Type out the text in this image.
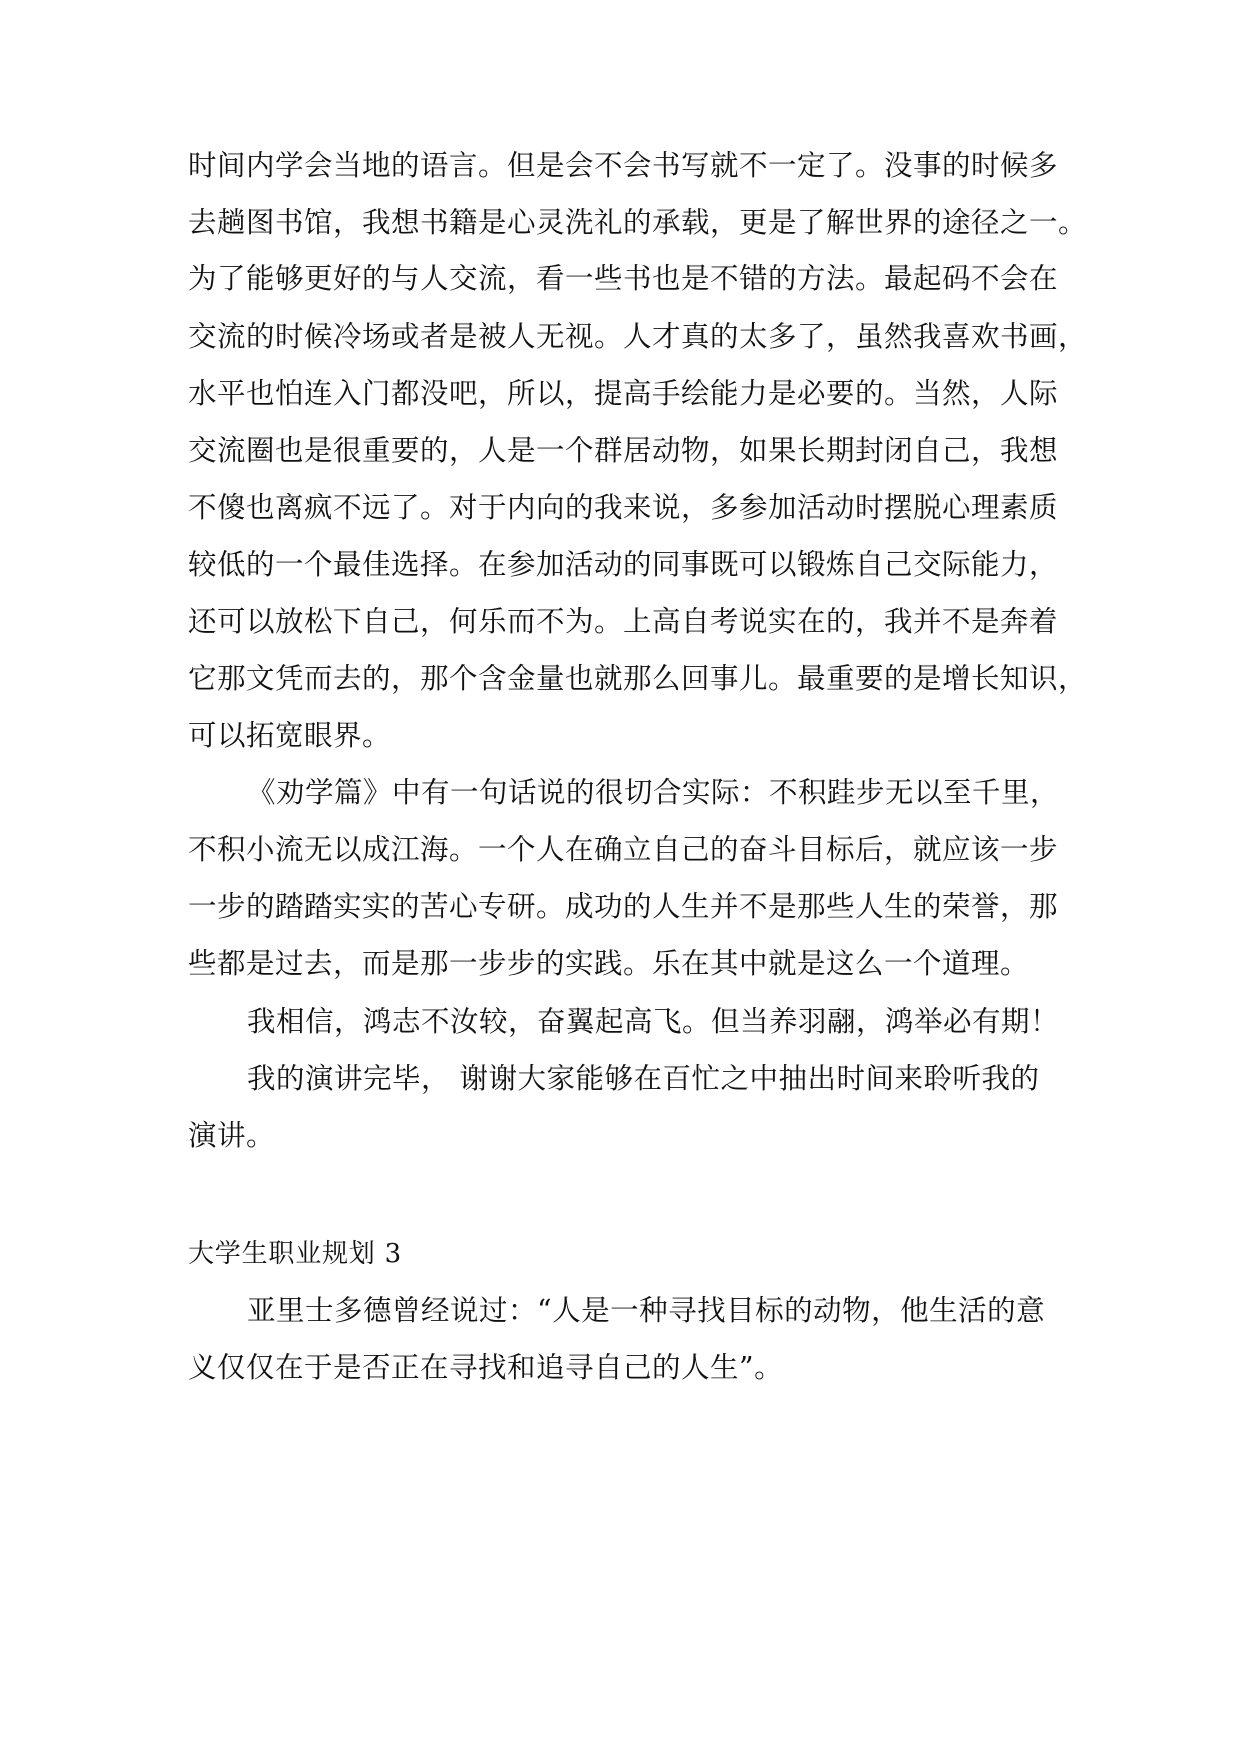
时间内学会当地的语言。但是会不会书写就不一定了。没事的时候多
去趟图书馆，我想书籍是心灵洗礼的承载，更是了解世界的途径之一。
为了能够更好的与人交流，看一些书也是不错的方法。最起码不会在
交流的时候冷场或者是被人无视。人才真的太多了，虽然我喜欢书画，
水平也怕连入门都没吧，所以，提高手绘能力是必要的。当然，人际
交流圈也是很重要的，人是一个群居动物，如果长期封闭自己，我想
不傻也离疯不远了。对于内向的我来说，多参加活动时摆脱心理素质
较低的一个最佳选择。在参加活动的同事既可以锻炼自己交际能力，
还可以放松下自己，何乐而不为。上高自考说实在的，我并不是奔着
它那文凭而去的，那个含金量也就那么回事儿。最重要的是增长知识，
可以拓宽眼界。
《劝学篇》中有一句话说的很切合实际：不积跬步无以至千里，
不积小流无以成江海。一个人在确立自己的奋斗目标后，就应该一步
一步的踏踏实实的苦心专研。成功的人生并不是那些人生的荣誉，那
些都是过去，而是那一步步的实践。乐在其中就是这么一个道理。
我相信，鸿志不汝较，奋翼起高飞。但当养羽翮，鸿举必有期！
我的演讲完毕， 谢谢大家能够在百忙之中抽出时间来聆听我的
演讲。
大学生职业规划 3
亚里士多德曾经说过：“人是一种寻找目标的动物，他生活的意
义仅仅在于是否正在寻找和追寻自己的人生”。
